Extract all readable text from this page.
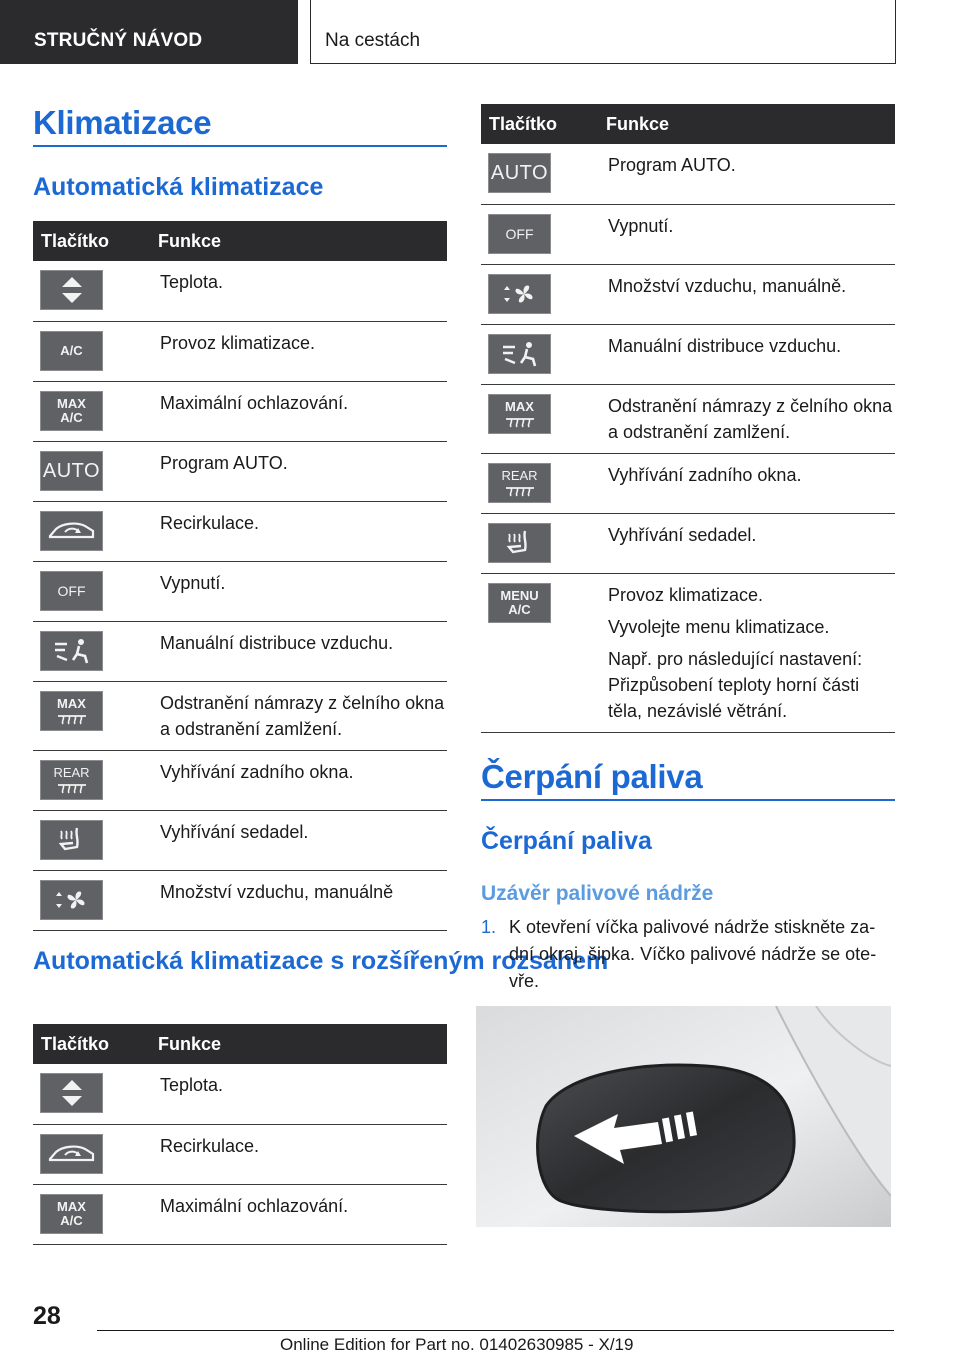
STRUČNÝ NÁVOD	Na cestách
Klimatizace
Automatická klimatizace
Tlačítko	Funkce

	Teplota.

A/C	Provoz klimatizace.

MAX A/C	Maximální ochlazování.

AUTO	Program AUTO.

	Recirkulace.

OFF	Vypnutí.

	Manuální distribuce vzduchu.

MAX	Odstranění námrazy z čelního okna a odstranění zamlžení.

REAR	Vyhřívání zadního okna.

	Vyhřívání sedadel.

	Množství vzduchu, manuálně
Automatická klimatizace s rozšířeným rozsahem
Tlačítko	Funkce

	Teplota.

	Recirkulace.

MAX A/C	Maximální ochlazování.
Tlačítko	Funkce

AUTO	Program AUTO.

OFF	Vypnutí.

	Množství vzduchu, manuálně.

	Manuální distribuce vzduchu.

MAX	Odstranění námrazy z čelního okna a odstranění zamlžení.

REAR	Vyhřívání zadního okna.

	Vyhřívání sedadel.

MENU A/C	Provoz klimatizace.

Vyvolejte menu klimatizace.

Např. pro následující nastavení: Přizpůsobení teploty horní části těla, nezávislé větrání.

Čerpání paliva
Čerpání paliva
Uzávěr palivové nádrže
1. K otevření víčka palivové nádrže stiskněte zadní okraj, šipka. Víčko palivové nádrže se otevře.
28
Online Edition for Part no. 01402630985 - X/19
